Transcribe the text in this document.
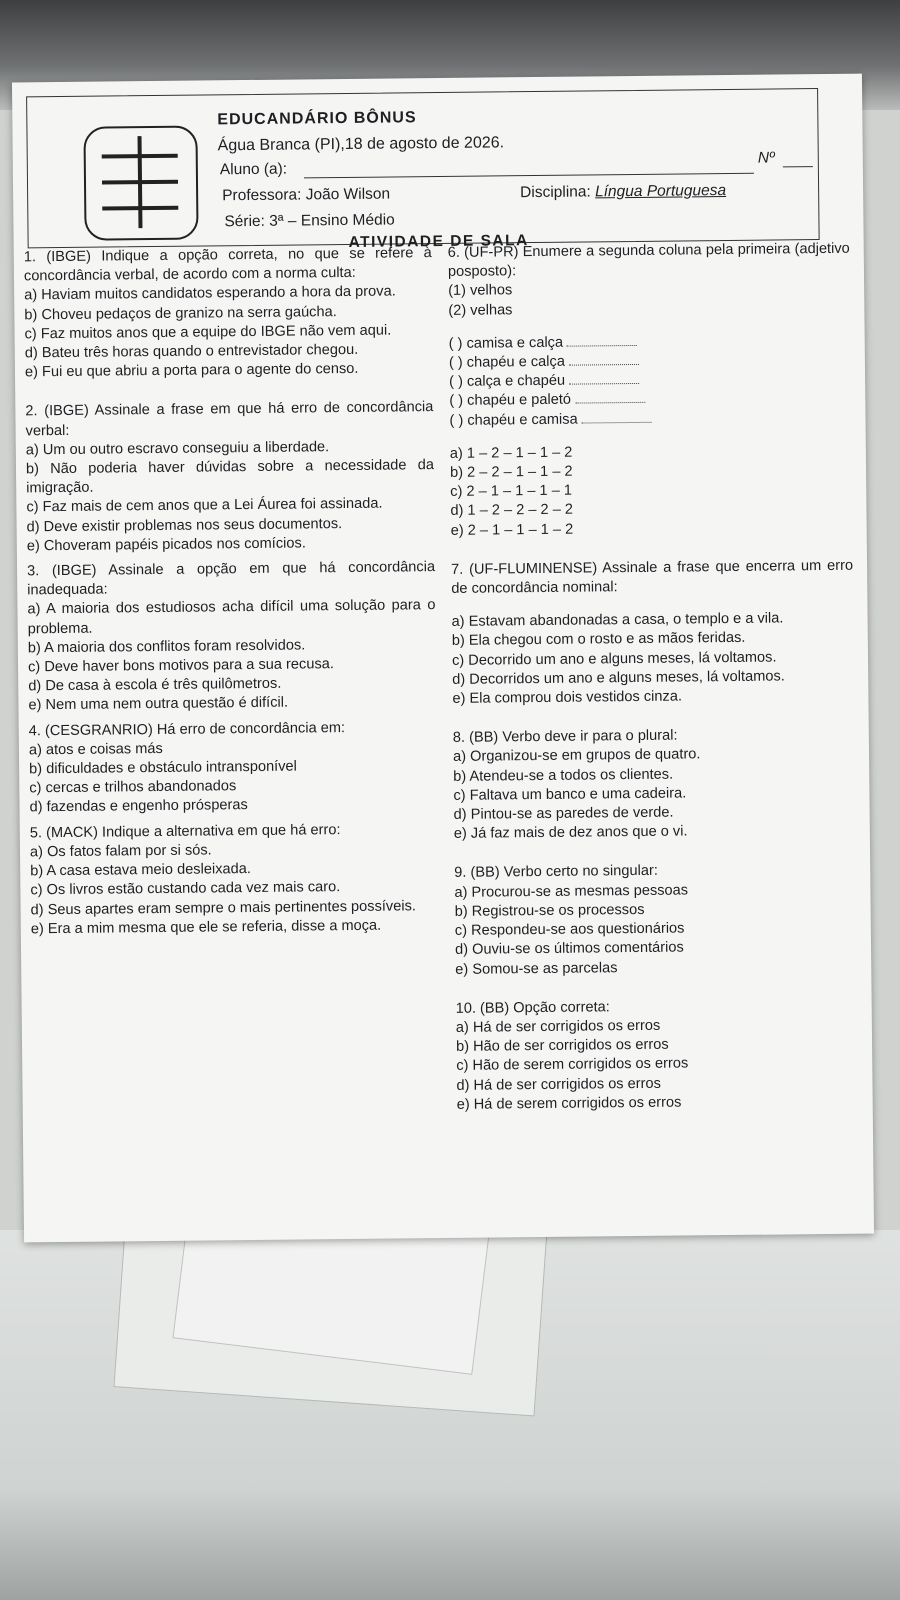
EDUCANDÁRIO BÔNUS
Água Branca (PI),18 de agosto de 2026.
Aluno (a):
Nº
Professora: João Wilson	Disciplina: Língua Portuguesa
Série: 3ª – Ensino Médio
ATIVIDADE DE SALA
1. (IBGE) Indique a opção correta, no que se refere à concordância verbal, de acordo com a norma culta:
a) Haviam muitos candidatos esperando a hora da prova.
b) Choveu pedaços de granizo na serra gaúcha.
c) Faz muitos anos que a equipe do IBGE não vem aqui.
d) Bateu três horas quando o entrevistador chegou.
e) Fui eu que abriu a porta para o agente do censo.
2. (IBGE) Assinale a frase em que há erro de concordância verbal:
a) Um ou outro escravo conseguiu a liberdade.
b) Não poderia haver dúvidas sobre a necessidade da imigração.
c) Faz mais de cem anos que a Lei Áurea foi assinada.
d) Deve existir problemas nos seus documentos.
e) Choveram papéis picados nos comícios.
3. (IBGE) Assinale a opção em que há concordância inadequada:
a) A maioria dos estudiosos acha difícil uma solução para o problema.
b) A maioria dos conflitos foram resolvidos.
c) Deve haver bons motivos para a sua recusa.
d) De casa à escola é três quilômetros.
e) Nem uma nem outra questão é difícil.
4. (CESGRANRIO) Há erro de concordância em:
a) atos e coisas más
b) dificuldades e obstáculo intransponível
c) cercas e trilhos abandonados
d) fazendas e engenho prósperas
5. (MACK) Indique a alternativa em que há erro:
a) Os fatos falam por si sós.
b) A casa estava meio desleixada.
c) Os livros estão custando cada vez mais caro.
d) Seus apartes eram sempre o mais pertinentes possíveis.
e) Era a mim mesma que ele se referia, disse a moça.
6. (UF-PR) Enumere a segunda coluna pela primeira (adjetivo posposto):
(1) velhos
(2) velhas
( ) camisa e calça
( ) chapéu e calça
( ) calça e chapéu
( ) chapéu e paletó
( ) chapéu e camisa
a) 1 – 2 – 1 – 1 – 2
b) 2 – 2 – 1 – 1 – 2
c) 2 – 1 – 1 – 1 – 1
d) 1 – 2 – 2 – 2 – 2
e) 2 – 1 – 1 – 1 – 2
7. (UF-FLUMINENSE) Assinale a frase que encerra um erro de concordância nominal:
a) Estavam abandonadas a casa, o templo e a vila.
b) Ela chegou com o rosto e as mãos feridas.
c) Decorrido um ano e alguns meses, lá voltamos.
d) Decorridos um ano e alguns meses, lá voltamos.
e) Ela comprou dois vestidos cinza.
8. (BB) Verbo deve ir para o plural:
a) Organizou-se em grupos de quatro.
b) Atendeu-se a todos os clientes.
c) Faltava um banco e uma cadeira.
d) Pintou-se as paredes de verde.
e) Já faz mais de dez anos que o vi.
9. (BB) Verbo certo no singular:
a) Procurou-se as mesmas pessoas
b) Registrou-se os processos
c) Respondeu-se aos questionários
d) Ouviu-se os últimos comentários
e) Somou-se as parcelas
10. (BB) Opção correta:
a) Há de ser corrigidos os erros
b) Hão de ser corrigidos os erros
c) Hão de serem corrigidos os erros
d) Há de ser corrigidos os erros
e) Há de serem corrigidos os erros
